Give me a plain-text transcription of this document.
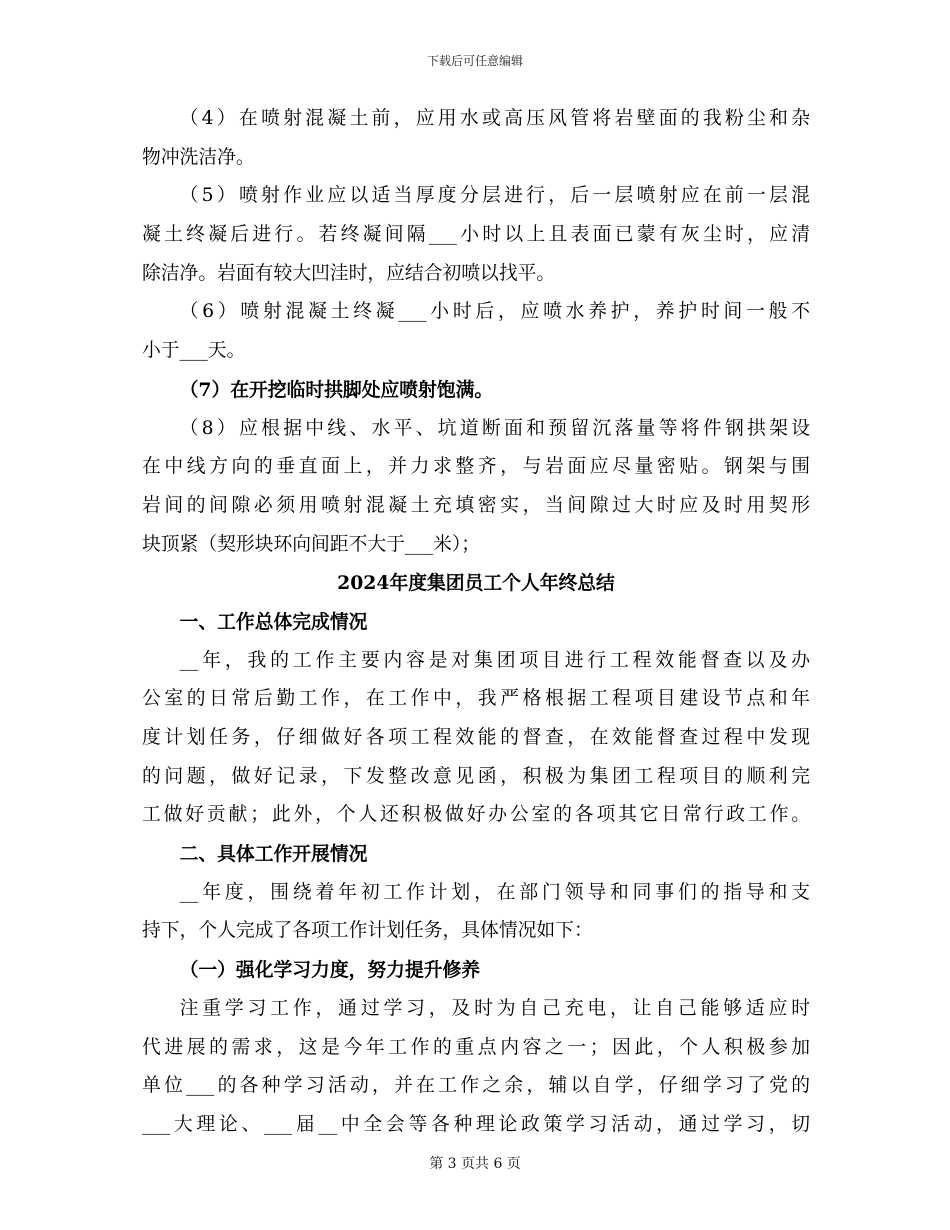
下载后可任意编辑
（4）在喷射混凝土前，应用水或高压风管将岩壁面的我粉尘和杂
物冲洗洁净。
（5）喷射作业应以适当厚度分层进行，后一层喷射应在前一层混
凝土终凝后进行。若终凝间隔___小时以上且表面已蒙有灰尘时，应清
除洁净。岩面有较大凹洼时，应结合初喷以找平。
（6）喷射混凝土终凝___小时后，应喷水养护，养护时间一般不
小于___天。
（7）在开挖临时拱脚处应喷射饱满。
（8）应根据中线、水平、坑道断面和预留沉落量等将件钢拱架设
在中线方向的垂直面上，并力求整齐，与岩面应尽量密贴。钢架与围
岩间的间隙必须用喷射混凝土充填密实，当间隙过大时应及时用契形
块顶紧（契形块环向间距不大于___米）；
2024年度集团员工个人年终总结
一、工作总体完成情况
__年，我的工作主要内容是对集团项目进行工程效能督查以及办
公室的日常后勤工作，在工作中，我严格根据工程项目建设节点和年
度计划任务，仔细做好各项工程效能的督查，在效能督查过程中发现
的问题，做好记录，下发整改意见函，积极为集团工程项目的顺利完
工做好贡献；此外，个人还积极做好办公室的各项其它日常行政工作。
二、具体工作开展情况
__年度，围绕着年初工作计划，在部门领导和同事们的指导和支
持下，个人完成了各项工作计划任务，具体情况如下：
（一）强化学习力度，努力提升修养
注重学习工作，通过学习，及时为自己充电，让自己能够适应时
代进展的需求，这是今年工作的重点内容之一；因此，个人积极参加
单位___的各种学习活动，并在工作之余，辅以自学，仔细学习了党的
___大理论、___届__中全会等各种理论政策学习活动，通过学习，切
第 3 页共 6 页
